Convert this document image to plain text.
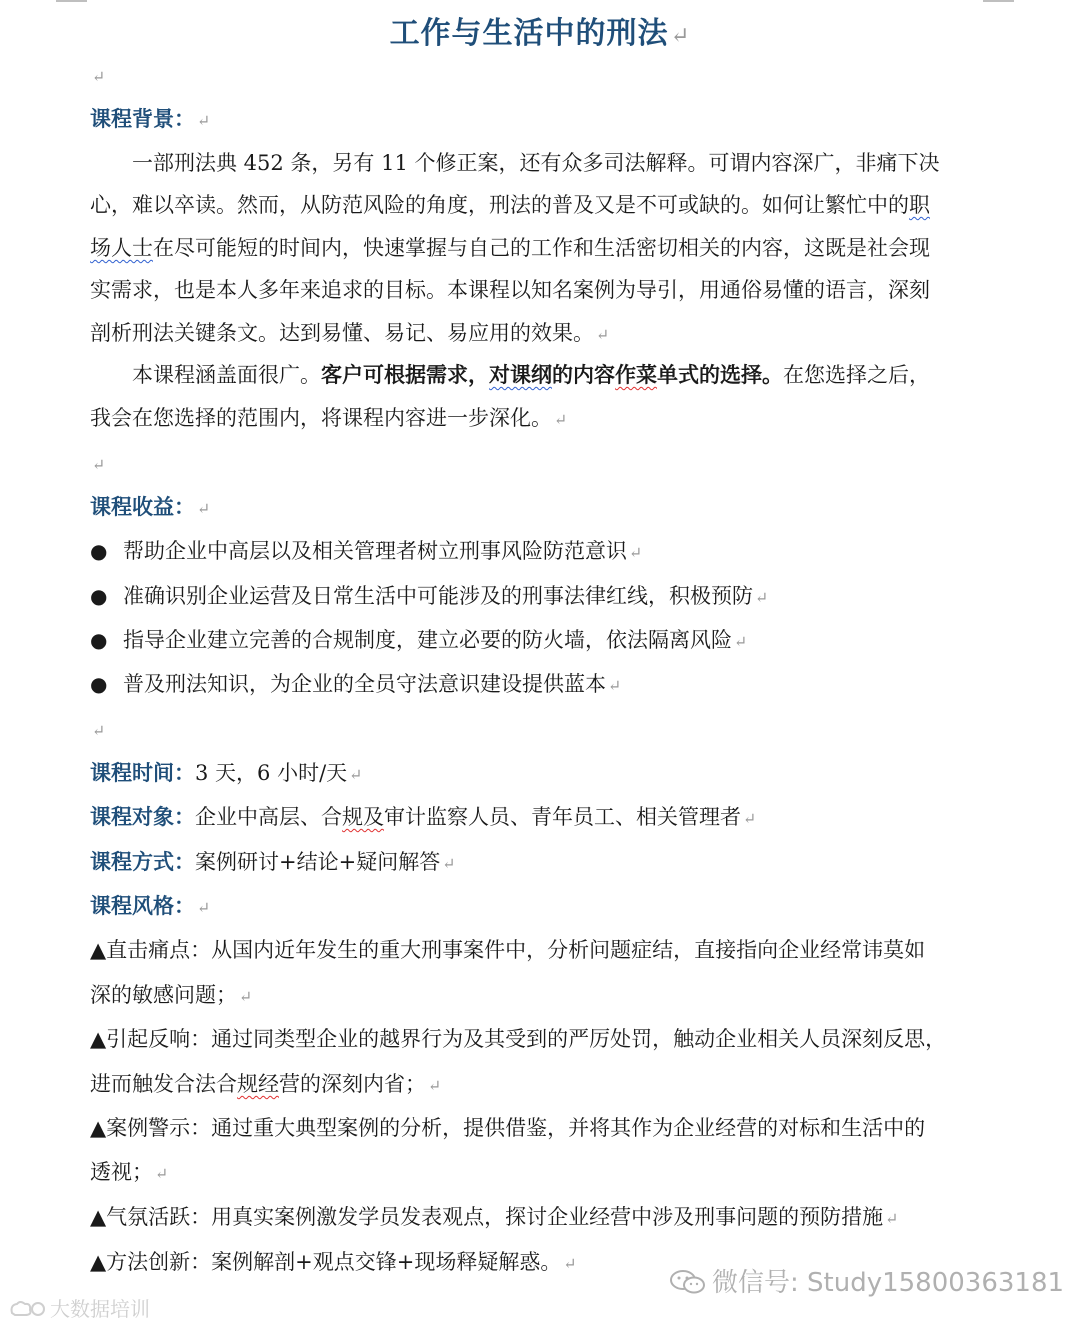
工作与生活中的刑法↵
↵
课程背景： ↵
一部刑法典 452 条，另有 11 个修正案，还有众多司法解释。可谓内容深广，非痛下决
心，难以卒读。然而，从防范风险的角度，刑法的普及又是不可或缺的。如何让繁忙中的职
场人士在尽可能短的时间内，快速掌握与自己的工作和生活密切相关的内容，这既是社会现
实需求，也是本人多年来追求的目标。本课程以知名案例为导引，用通俗易懂的语言，深刻
剖析刑法关键条文。达到易懂、易记、易应用的效果。 ↵
本课程涵盖面很广。客户可根据需求，对课纲的内容作菜单式的选择。在您选择之后，
我会在您选择的范围内，将课程内容进一步深化。 ↵
↵
课程收益： ↵
● 帮助企业中高层以及相关管理者树立刑事风险防范意识 ↵
● 准确识别企业运营及日常生活中可能涉及的刑事法律红线，积极预防 ↵
● 指导企业建立完善的合规制度，建立必要的防火墙，依法隔离风险 ↵
● 普及刑法知识，为企业的全员守法意识建设提供蓝本 ↵
↵
课程时间：3 天，6 小时/天 ↵
课程对象：企业中高层、合规及审计监察人员、青年员工、相关管理者 ↵
课程方式：案例研讨+结论+疑问解答 ↵
课程风格： ↵
▲直击痛点：从国内近年发生的重大刑事案件中，分析问题症结，直接指向企业经常讳莫如
深的敏感问题； ↵
▲引起反响：通过同类型企业的越界行为及其受到的严厉处罚，触动企业相关人员深刻反思，
进而触发合法合规经营的深刻内省； ↵
▲案例警示：通过重大典型案例的分析，提供借鉴，并将其作为企业经营的对标和生活中的
透视； ↵
▲气氛活跃：用真实案例激发学员发表观点，探讨企业经营中涉及刑事问题的预防措施 ↵
▲方法创新：案例解剖+观点交锋+现场释疑解惑。 ↵
微信号: Study15800363181
大数据培训
